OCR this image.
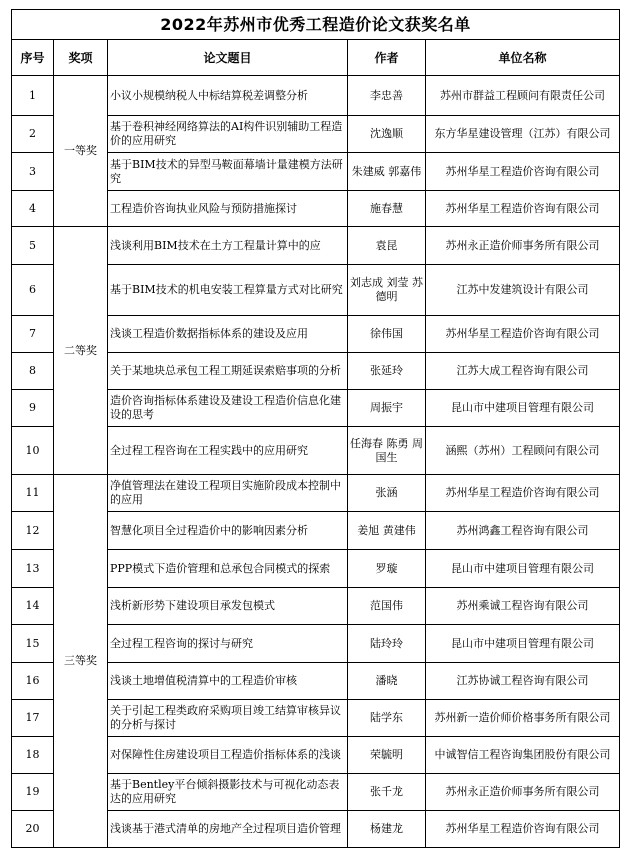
2022年苏州市优秀工程造价论文获奖名单				
序号	奖项	论文题目	作者	单位名称
1	一等奖	小议小规模纳税人中标结算税差调整分析	李忠善	苏州市群益工程顾问有限责任公司
2		基于卷积神经网络算法的AI构件识别辅助工程造价的应用研究	沈逸顺	东方华星建设管理（江苏）有限公司
3		基于BIM技术的异型马鞍面幕墙计量建模方法研究	朱建威 郭嘉伟	苏州华星工程造价咨询有限公司
4		工程造价咨询执业风险与预防措施探讨	施春慧	苏州华星工程造价咨询有限公司
5	二等奖	浅谈利用BIM技术在土方工程量计算中的应	袁昆	苏州永正造价师事务所有限公司
6		基于BIM技术的机电安装工程算量方式对比研究	刘志成 刘莹 苏德明	江苏中发建筑设计有限公司
7		浅谈工程造价数据指标体系的建设及应用	徐伟国	苏州华星工程造价咨询有限公司
8		关于某地块总承包工程工期延误索赔事项的分析	张延玲	江苏大成工程咨询有限公司
9		造价咨询指标体系建设及建设工程造价信息化建设的思考	周振宇	昆山市中建项目管理有限公司
10		全过程工程咨询在工程实践中的应用研究	任海春 陈勇 周国生	涵熙（苏州）工程顾问有限公司
11	三等奖	净值管理法在建设工程项目实施阶段成本控制中的应用	张涵	苏州华星工程造价咨询有限公司
12		智慧化项目全过程造价中的影响因素分析	姜旭 黄建伟	苏州鸿鑫工程咨询有限公司
13		PPP模式下造价管理和总承包合同模式的探索	罗璇	昆山市中建项目管理有限公司
14		浅析新形势下建设项目承发包模式	范国伟	苏州乘诚工程咨询有限公司
15		全过程工程咨询的探讨与研究	陆玲玲	昆山市中建项目管理有限公司
16		浅谈土地增值税清算中的工程造价审核	潘晓	江苏协诚工程咨询有限公司
17		关于引起工程类政府采购项目竣工结算审核异议的分析与探讨	陆学东	苏州新一造价师价格事务所有限公司
18		对保障性住房建设项目工程造价指标体系的浅谈	荣毓明	中诚智信工程咨询集团股份有限公司
19		基于Bentley平台倾斜摄影技术与可视化动态表达的应用研究	张千龙	苏州永正造价师事务所有限公司
20		浅谈基于港式清单的房地产全过程项目造价管理	杨建龙	苏州华星工程造价咨询有限公司
